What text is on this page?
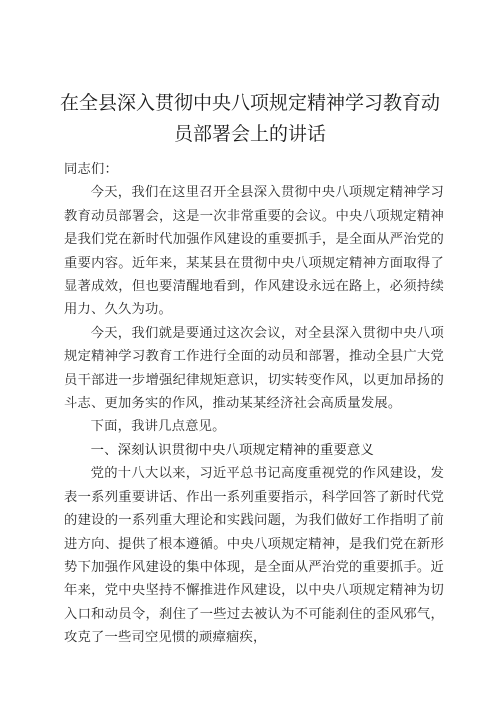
在全县深入贯彻中央八项规定精神学习教育动员部署会上的讲话

同志们：

今天，我们在这里召开全县深入贯彻中央八项规定精神学习教育动员部署会，这是一次非常重要的会议。中央八项规定精神是我们党在新时代加强作风建设的重要抓手，是全面从严治党的重要内容。近年来，某某县在贯彻中央八项规定精神方面取得了显著成效，但也要清醒地看到，作风建设永远在路上，必须持续用力、久久为功。

今天，我们就是要通过这次会议，对全县深入贯彻中央八项规定精神学习教育工作进行全面的动员和部署，推动全县广大党员干部进一步增强纪律规矩意识，切实转变作风，以更加昂扬的斗志、更加务实的作风，推动某某经济社会高质量发展。

下面，我讲几点意见。

一、深刻认识贯彻中央八项规定精神的重要意义

党的十八大以来，习近平总书记高度重视党的作风建设，发表一系列重要讲话、作出一系列重要指示，科学回答了新时代党的建设的一系列重大理论和实践问题，为我们做好工作指明了前进方向、提供了根本遵循。中央八项规定精神，是我们党在新形势下加强作风建设的集中体现，是全面从严治党的重要抓手。近年来，党中央坚持不懈推进作风建设，以中央八项规定精神为切入口和动员令，刹住了一些过去被认为不可能刹住的歪风邪气，攻克了一些司空见惯的顽瘴痼疾，
